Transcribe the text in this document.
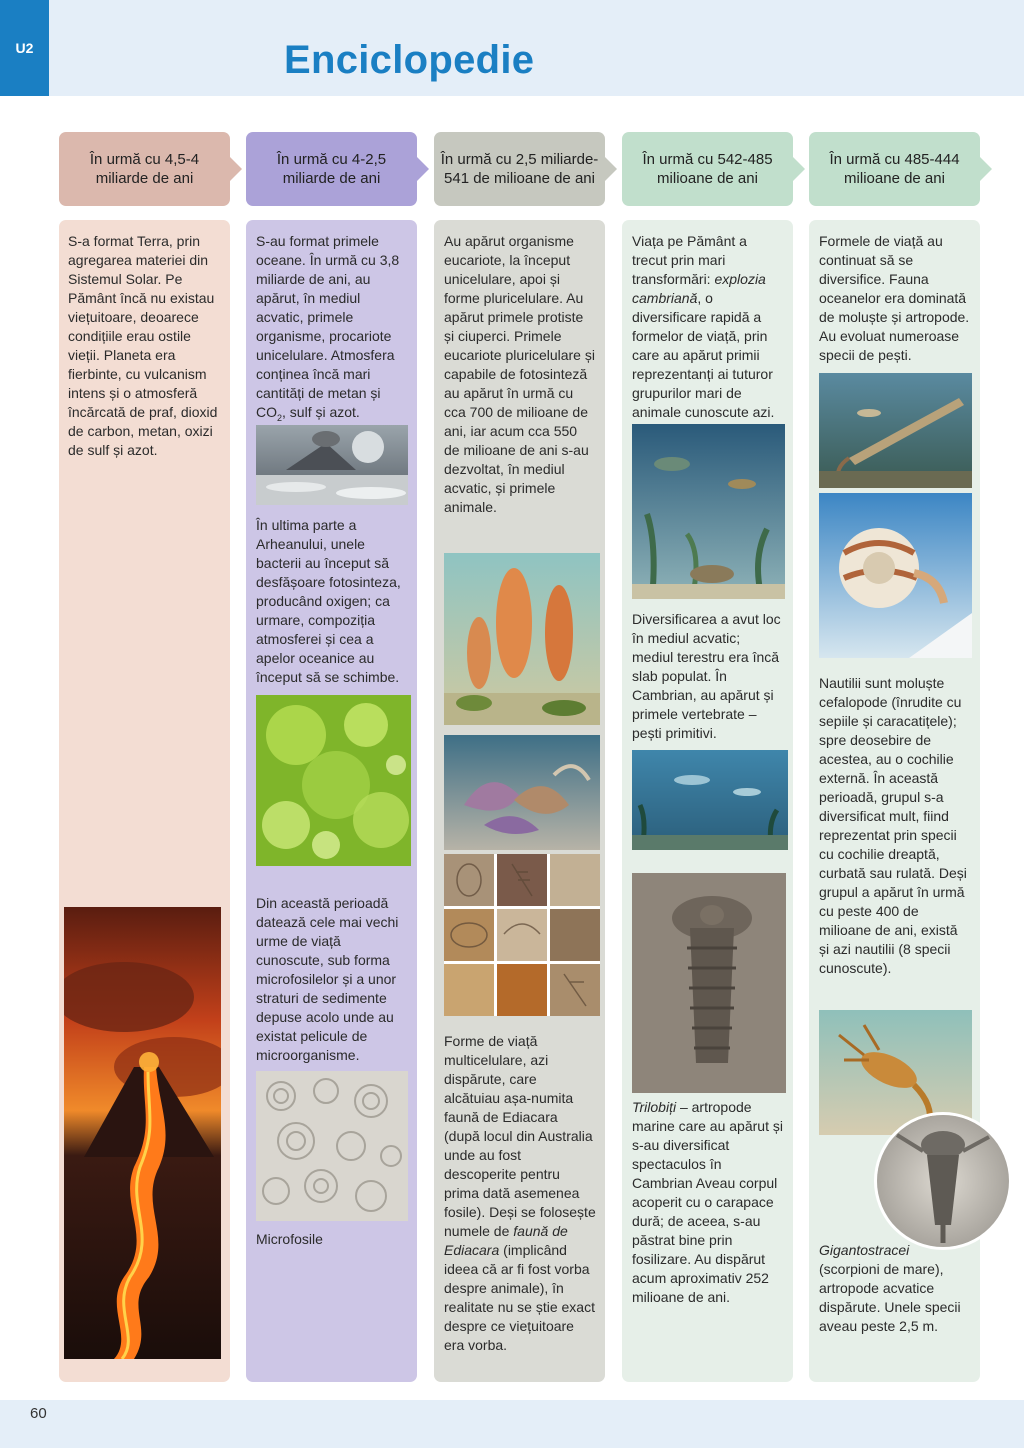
U2	Enciclopedie
60
În urmă cu 4,5-4 miliarde de ani
În urmă cu 4-2,5 miliarde de ani
În urmă cu 2,5 miliarde-541 de milioane de ani
În urmă cu 542-485 milioane de ani
În urmă cu 485-444 milioane de ani
S-a format Terra, prin agregarea materiei din Sistemul Solar. Pe Pământ încă nu existau viețuitoare, deoarece condițiile erau ostile vieții. Planeta era fierbinte, cu vulcanism intens și o atmosferă încărcată de praf, dioxid de carbon, metan, oxizi de sulf și azot.
S-au format primele oceane. În urmă cu 3,8 miliarde de ani, au apărut, în mediul acvatic, primele organisme, procariote unicelulare. Atmosfera conținea încă mari cantități de metan și $CO_2$, sulf și azot.
În ultima parte a Arheanului, unele bacterii au început să desfășoare fotosinteza, producând oxigen; ca urmare, compoziția atmosferei și cea a apelor oceanice au început să se schimbe.
Din această perioadă datează cele mai vechi urme de viață cunoscute, sub forma microfosilelor și a unor straturi de sedimente depuse acolo unde au existat pelicule de microorganisme.
Microfosile
Au apărut organisme eucariote, la început unicelulare, apoi și forme pluricelulare. Au apărut primele protiste și ciuperci. Primele eucariote pluricelulare și capabile de fotosinteză au apărut în urmă cu cca 700 de milioane de ani, iar acum cca 550 de milioane de ani s-au dezvoltat, în mediul acvatic, și primele animale.
Forme de viață multicelulare, azi dispărute, care alcătuiau așa-numita faună de Ediacara (după locul din Australia unde au fost descoperite pentru prima dată asemenea fosile). Deși se folosește numele de faună de Ediacara (implicând ideea că ar fi fost vorba despre animale), în realitate nu se știe exact despre ce viețuitoare era vorba.
Viața pe Pământ a trecut prin mari transformări: explozia cambriană, o diversificare rapidă a formelor de viață, prin care au apărut primii reprezentanți ai tuturor grupurilor mari de animale cunoscute azi.
Diversificarea a avut loc în mediul acvatic; mediul terestru era încă slab populat. În Cambrian, au apărut și primele vertebrate – pești primitivi.
Trilobiți – artropode marine care au apărut și s-au diversificat spectaculos în Cambrian Aveau corpul acoperit cu o carapace dură; de aceea, s-au păstrat bine prin fosilizare. Au dispărut acum aproximativ 252 milioane de ani.
Formele de viață au continuat să se diversifice. Fauna oceanelor era dominată de moluște și artropode. Au evoluat numeroase specii de pești.
Nautilii sunt moluște cefalopode (înrudite cu sepiile și caracatițele); spre deosebire de acestea, au o cochilie externă. În această perioadă, grupul s-a diversificat mult, fiind reprezentat prin specii cu cochilie dreaptă, curbată sau rulată. Deși grupul a apărut în urmă cu peste 400 de milioane de ani, există și azi nautilii (8 specii cunoscute).
Gigantostracei (scorpioni de mare), artropode acvatice dispărute. Unele specii aveau peste 2,5 m.
